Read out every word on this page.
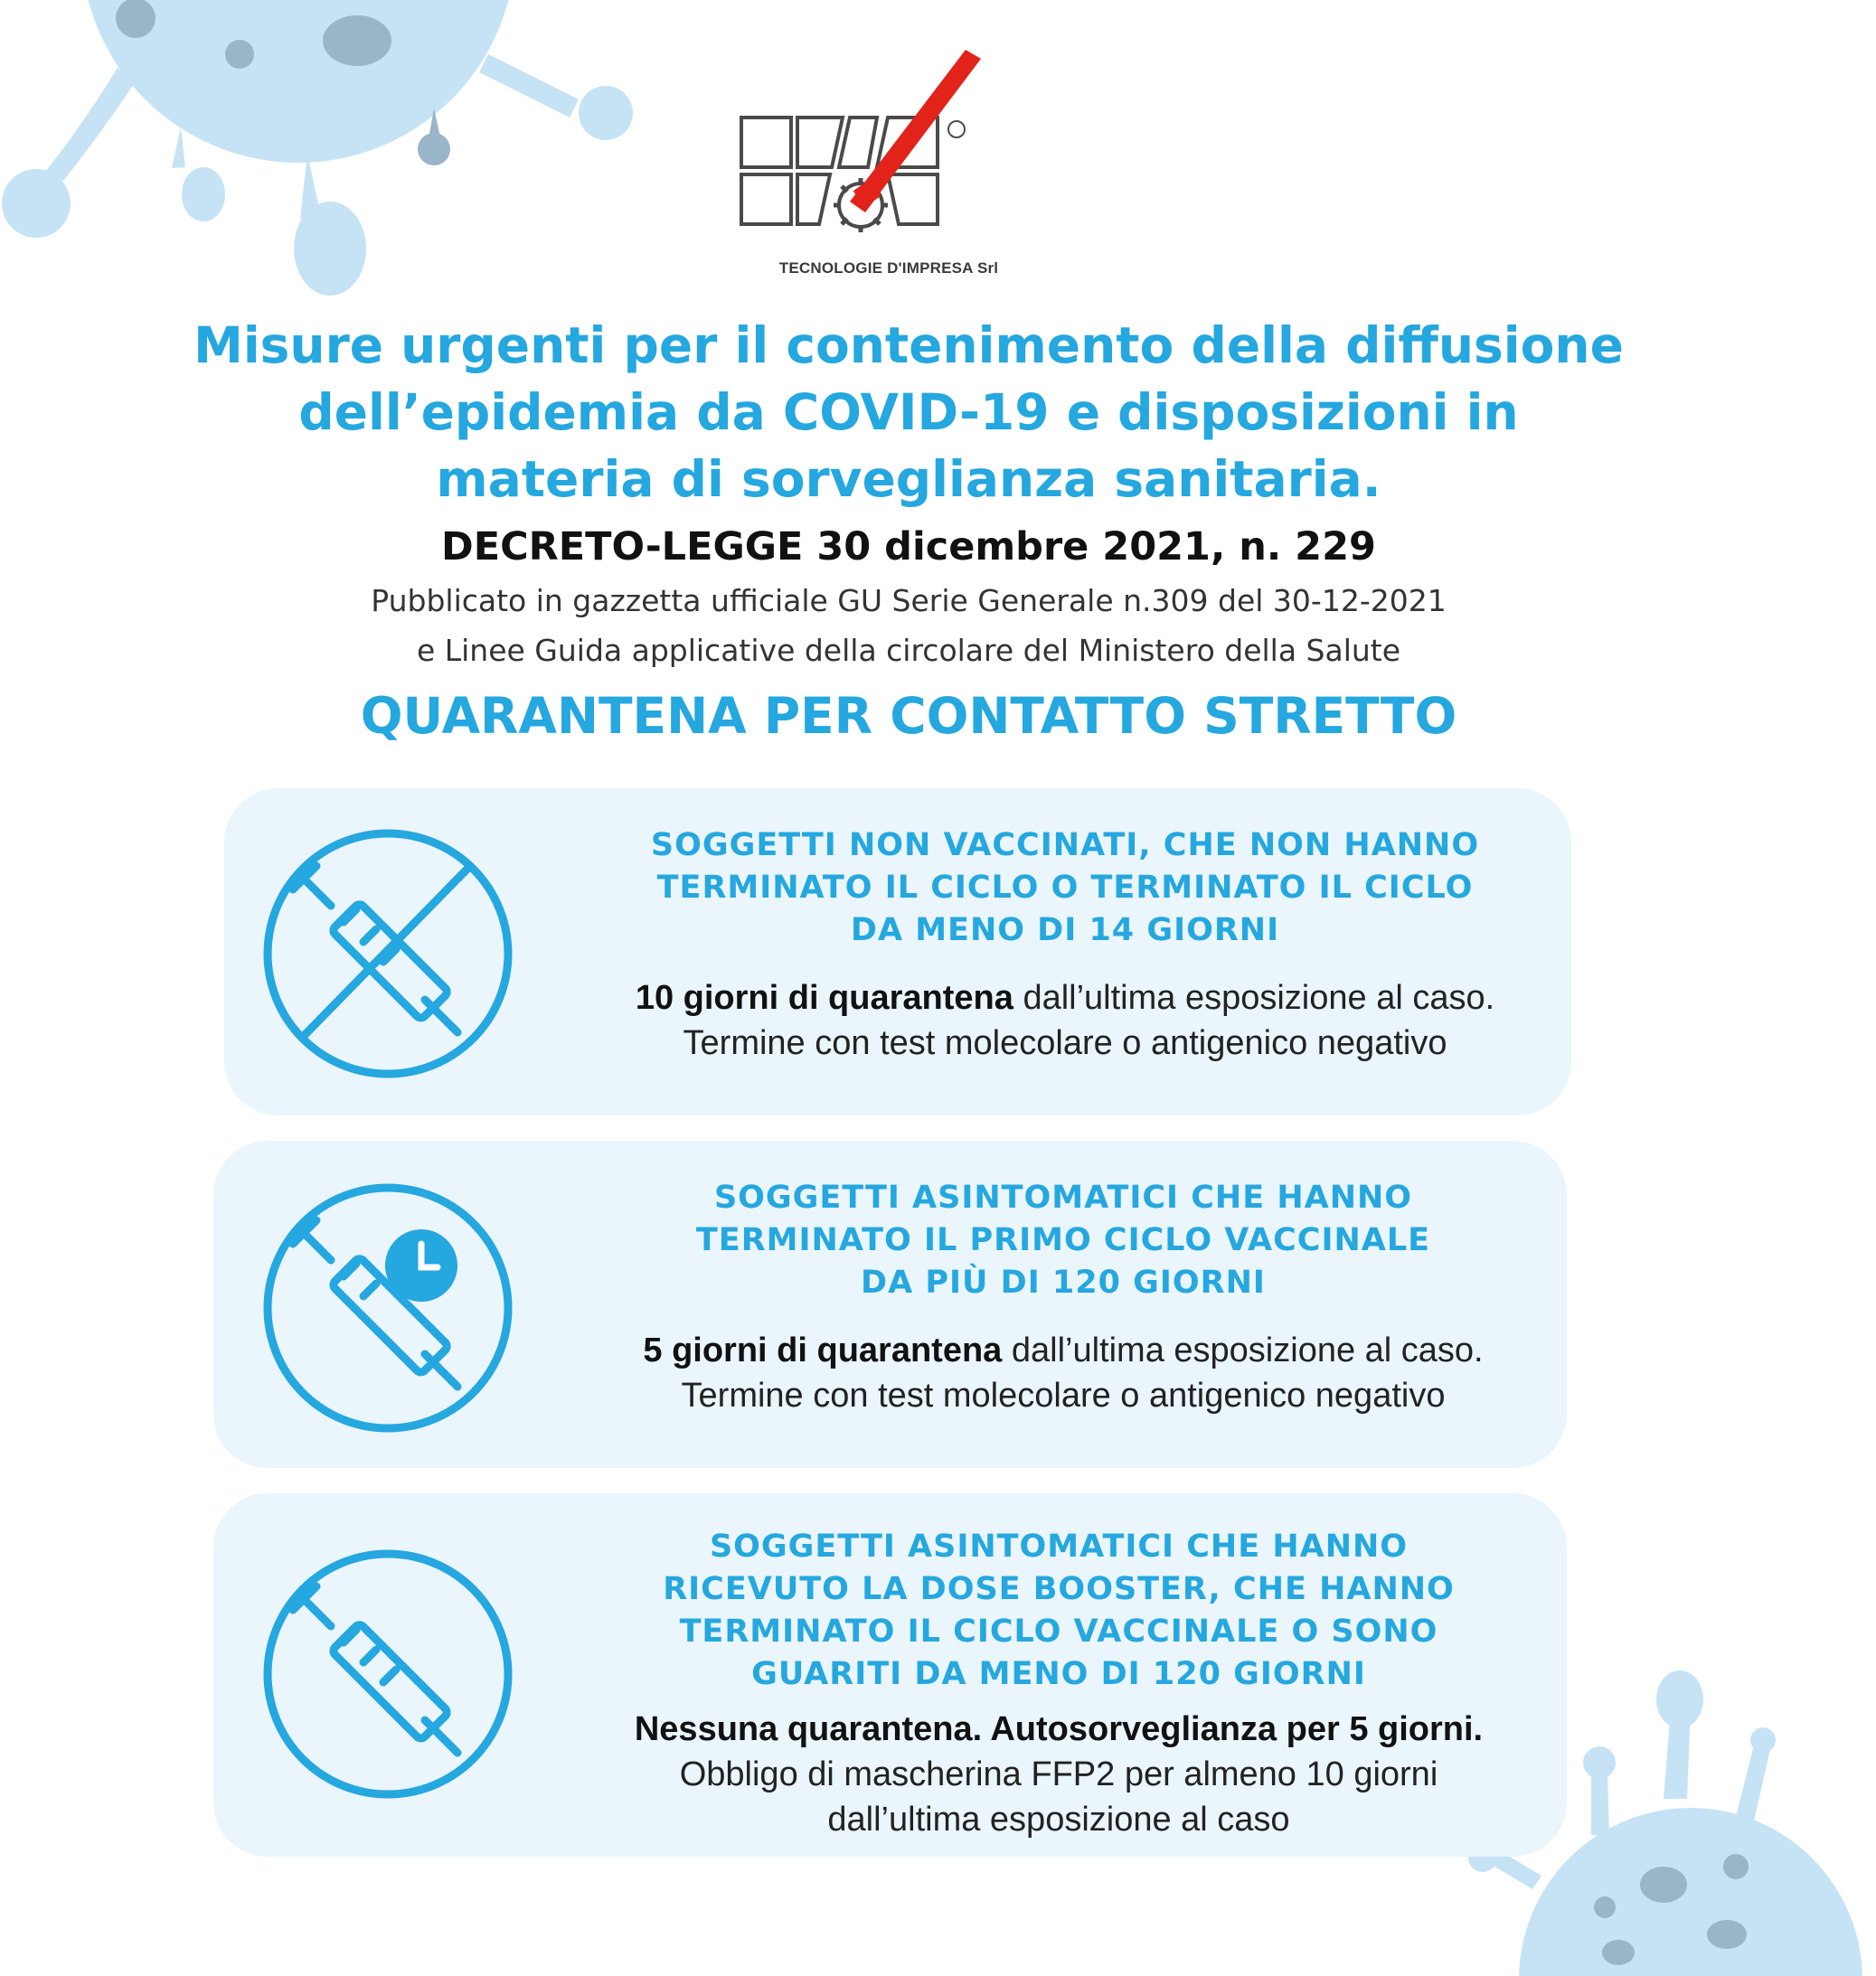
TECNOLOGIE D'IMPRESA Srl
Misure urgenti per il contenimento della diffusione
dell’epidemia da COVID-19 e disposizioni in
materia di sorveglianza sanitaria.
DECRETO-LEGGE 30 dicembre 2021, n. 229
Pubblicato in gazzetta ufficiale GU Serie Generale n.309 del 30-12-2021
e Linee Guida applicative della circolare del Ministero della Salute
QUARANTENA PER CONTATTO STRETTO

SOGGETTI NON VACCINATI, CHE NON HANNO
TERMINATO IL CICLO O TERMINATO IL CICLO
DA MENO DI 14 GIORNI

10 giorni di quarantena dall’ultima esposizione al caso.
Termine con test molecolare o antigenico negativo

SOGGETTI ASINTOMATICI CHE HANNO
TERMINATO IL PRIMO CICLO VACCINALE
DA PIÙ DI 120 GIORNI

5 giorni di quarantena dall’ultima esposizione al caso.
Termine con test molecolare o antigenico negativo

SOGGETTI ASINTOMATICI CHE HANNO
RICEVUTO LA DOSE BOOSTER, CHE HANNO
TERMINATO IL CICLO VACCINALE O SONO
GUARITI DA MENO DI 120 GIORNI

Nessuna quarantena. Autosorveglianza per 5 giorni.
Obbligo di mascherina FFP2 per almeno 10 giorni
dall’ultima esposizione al caso
